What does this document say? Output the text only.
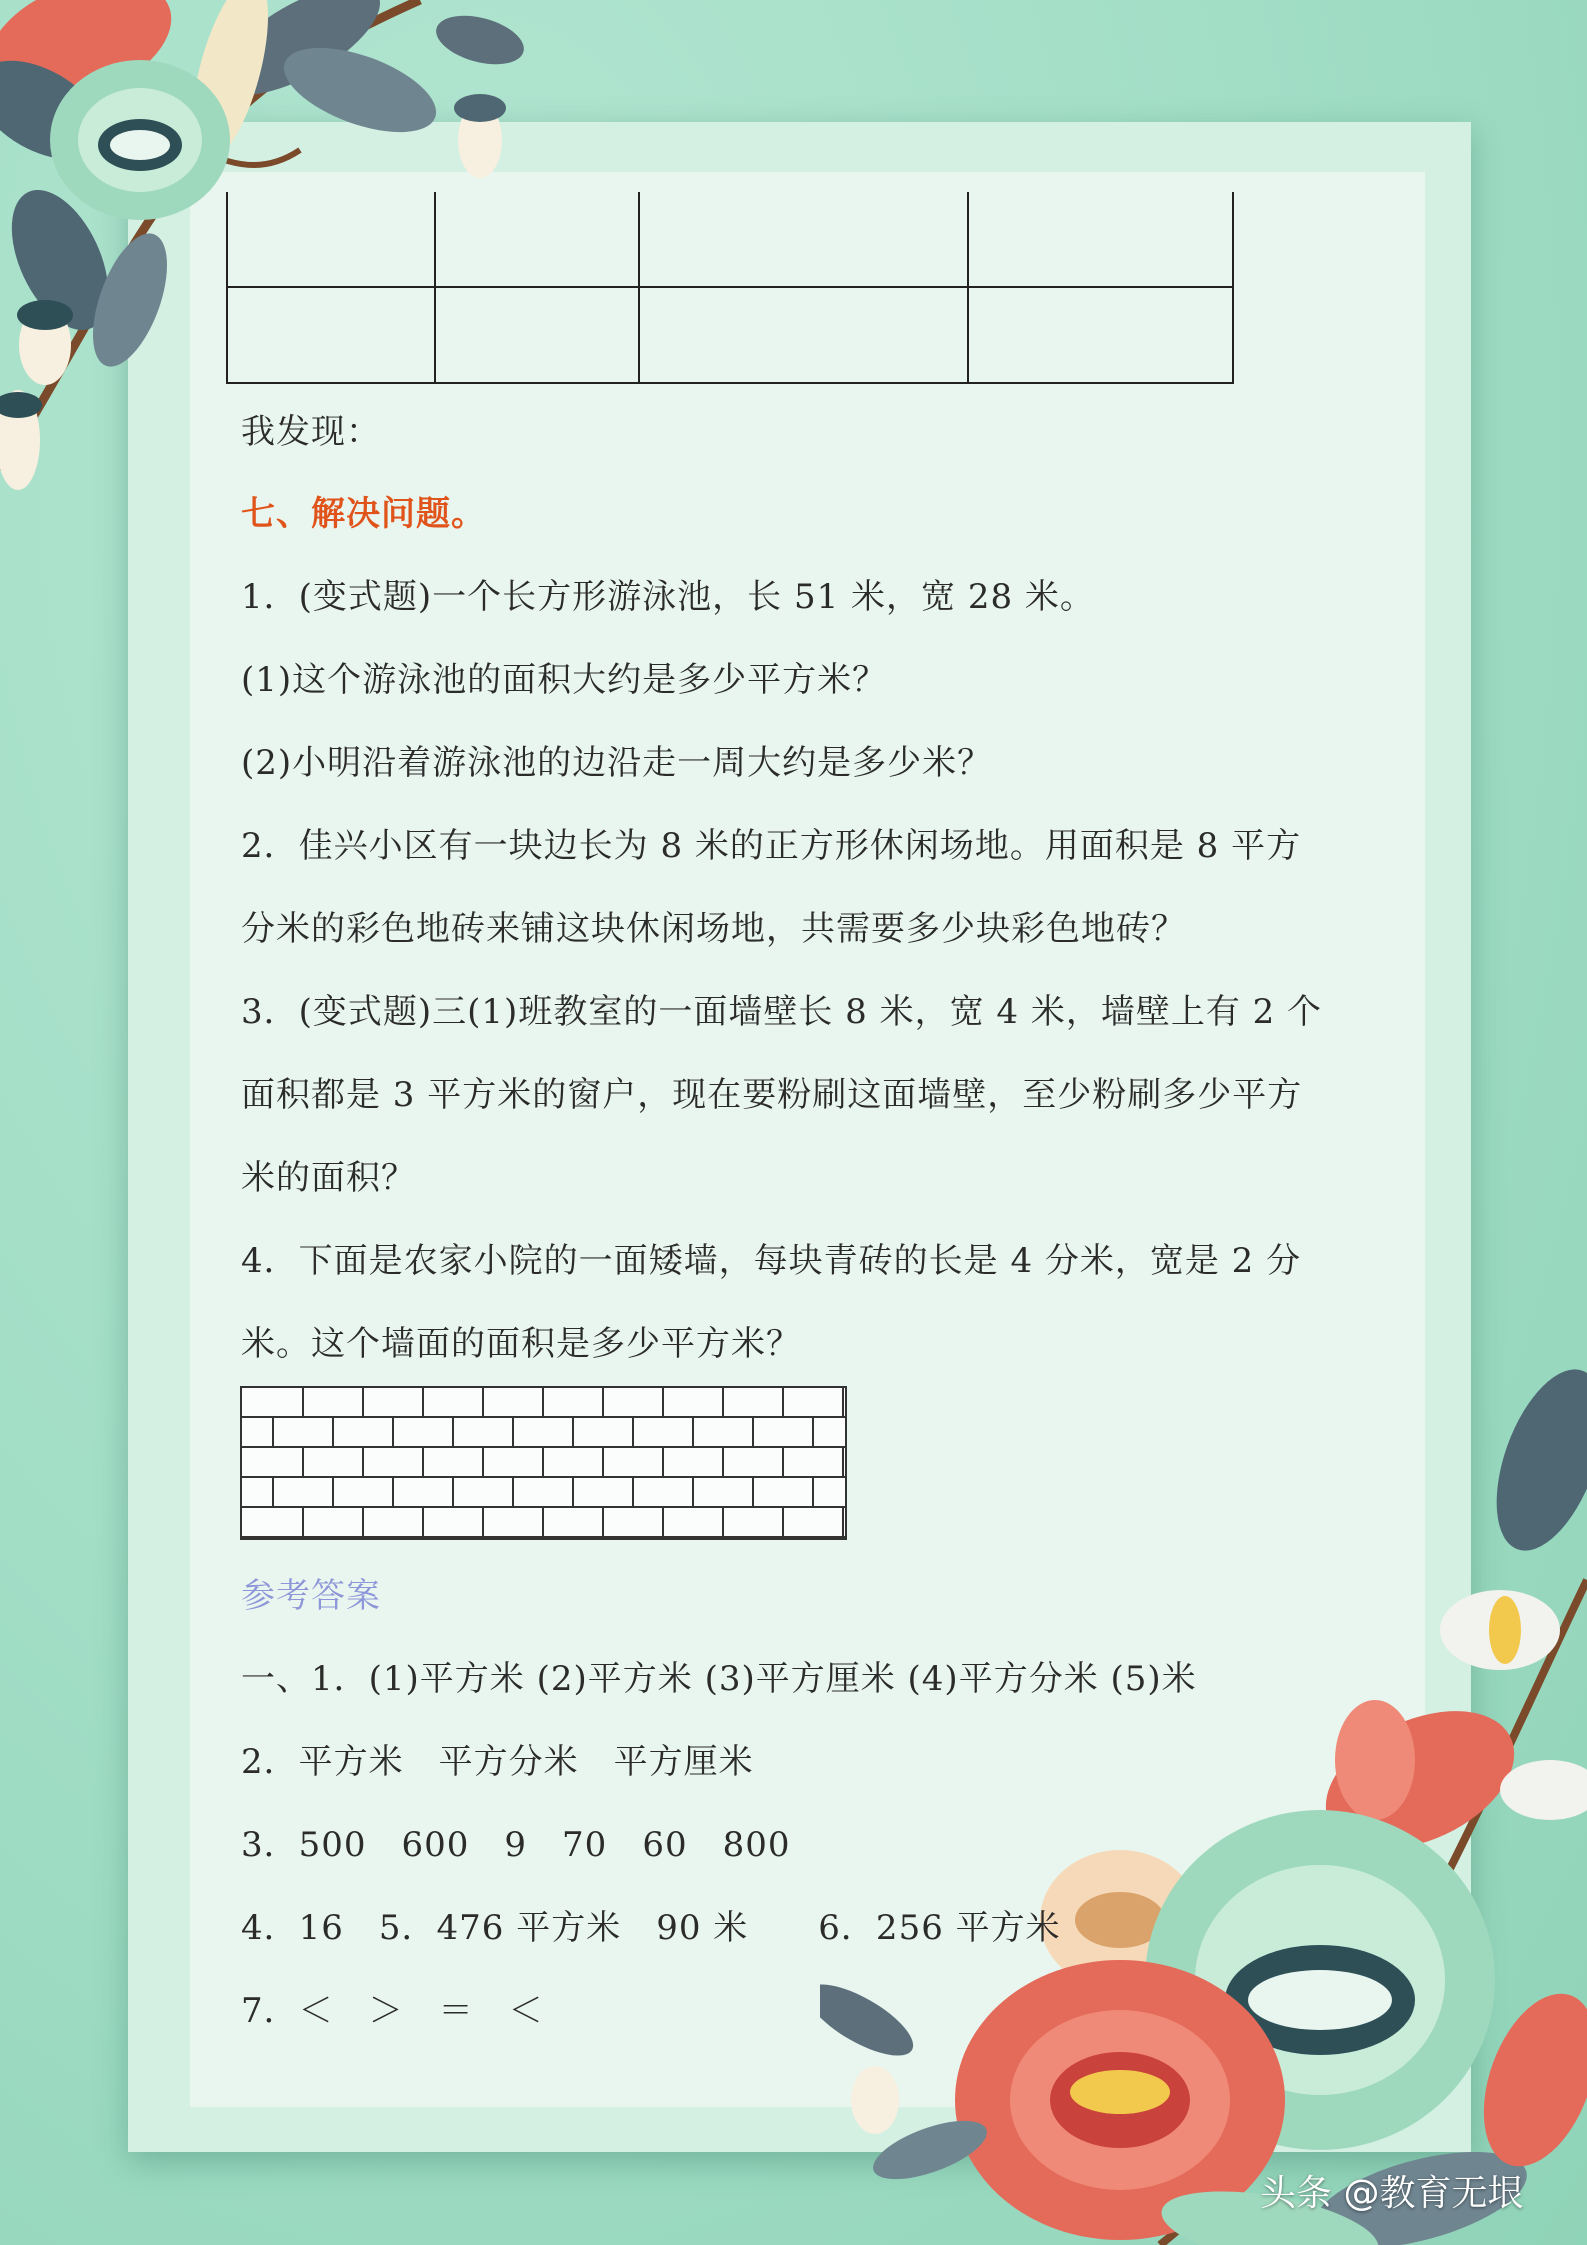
我发现：
七、解决问题。
1．(变式题)一个长方形游泳池，长 51 米，宽 28 米。
(1)这个游泳池的面积大约是多少平方米？
(2)小明沿着游泳池的边沿走一周大约是多少米？
2．佳兴小区有一块边长为 8 米的正方形休闲场地。用面积是 8 平方
分米的彩色地砖来铺这块休闲场地，共需要多少块彩色地砖？
3．(变式题)三(1)班教室的一面墙壁长 8 米，宽 4 米，墙壁上有 2 个
面积都是 3 平方米的窗户，现在要粉刷这面墙壁，至少粉刷多少平方
米的面积？
4．下面是农家小院的一面矮墙，每块青砖的长是 4 分米，宽是 2 分
米。这个墙面的面积是多少平方米？
参考答案
一、1．(1)平方米 (2)平方米 (3)平方厘米 (4)平方分米 (5)米
2．平方米　平方分米　平方厘米
3．500　600　9　70　60　800
4．16　5．476 平方米　90 米　　6．256 平方米
7．＜　＞　＝　＜
头条 @教育无垠
